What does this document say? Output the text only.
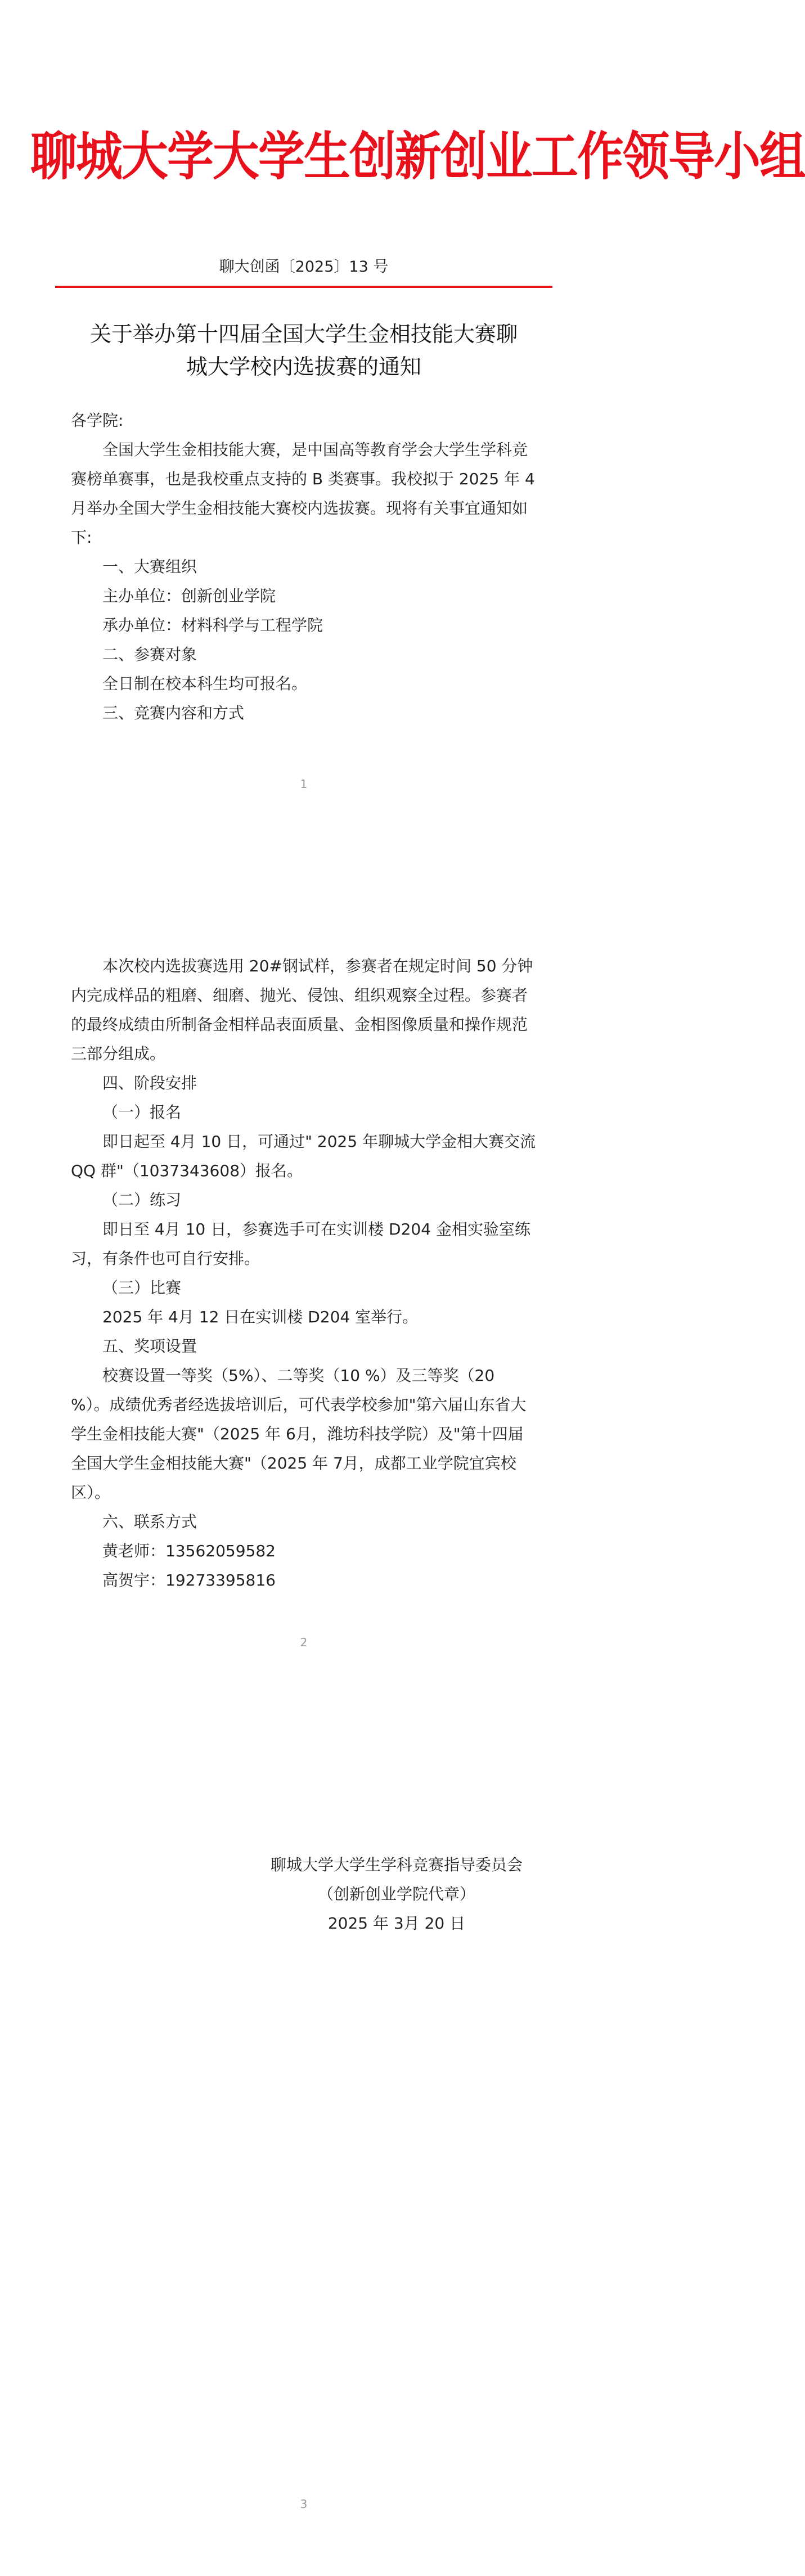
聊城大学大学生创新创业工作领导小组
聊大创函〔2025〕13 号
关于举办第十四届全国大学生金相技能大赛聊
城大学校内选拔赛的通知

各学院:

全国大学生金相技能大赛，是中国高等教育学会大学生学科竞赛榜单赛事，也是我校重点支持的 B 类赛事。我校拟于 2025 年 4月举办全国大学生金相技能大赛校内选拔赛。现将有关事宜通知如下:

一、大赛组织

主办单位：创新创业学院

承办单位：材料科学与工程学院

二、参赛对象

全日制在校本科生均可报名。

三、竞赛内容和方式

1

本次校内选拔赛选用 20#钢试样，参赛者在规定时间 50 分钟内完成样品的粗磨、细磨、抛光、侵蚀、组织观察全过程。参赛者的最终成绩由所制备金相样品表面质量、金相图像质量和操作规范三部分组成。

四、阶段安排

（一）报名

即日起至 4月 10 日，可通过" 2025 年聊城大学金相大赛交流 QQ 群"（1037343608）报名。

（二）练习

即日至 4月 10 日，参赛选手可在实训楼 D204 金相实验室练习，有条件也可自行安排。

（三）比赛

2025 年 4月 12 日在实训楼 D204 室举行。

五、奖项设置

校赛设置一等奖（5%）、二等奖（10 %）及三等奖（20 %）。成绩优秀者经选拔培训后，可代表学校参加"第六届山东省大学生金相技能大赛"（2025 年 6月，潍坊科技学院）及"第十四届全国大学生金相技能大赛"（2025 年 7月，成都工业学院宜宾校区）。

六、联系方式

黄老师：13562059582

高贺宇：19273395816

2
聊城大学大学生学科竞赛指导委员会
（创新创业学院代章）
2025 年 3月 20 日
3
